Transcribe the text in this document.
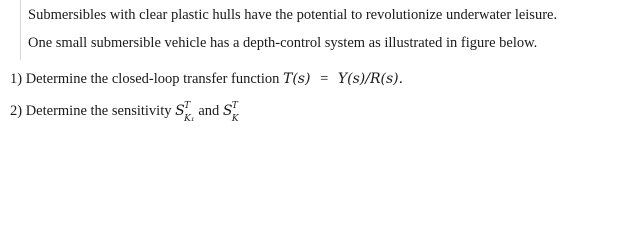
Submersibles with clear plastic hulls have the potential to revolutionize underwater leisure.
One small submersible vehicle has a depth-control system as illustrated in figure below.
1) Determine the closed-loop transfer function T(s) = Y(s)/R(s).
2) Determine the sensitivity S T
K₁ and S T
K
